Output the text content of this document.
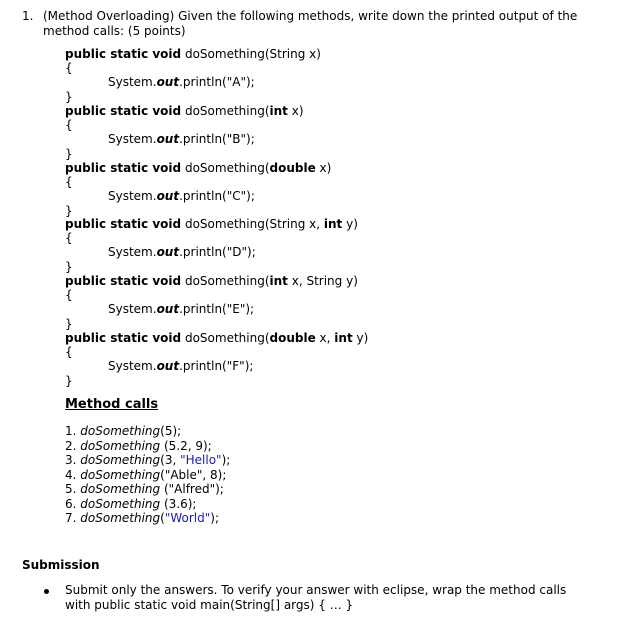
1. (Method Overloading) Given the following methods, write down the printed output of the
method calls: (5 points)
public static void doSomething(String x)
{
System.out.println("A");
}
public static void doSomething(int x)
{
System.out.println("B");
}
public static void doSomething(double x)
{
System.out.println("C");
}
public static void doSomething(String x, int y)
{
System.out.println("D");
}
public static void doSomething(int x, String y)
{
System.out.println("E");
}
public static void doSomething(double x, int y)
{
System.out.println("F");
}
Method calls
1. doSomething(5);
2. doSomething (5.2, 9);
3. doSomething(3, "Hello");
4. doSomething("Able", 8);
5. doSomething ("Alfred");
6. doSomething (3.6);
7. doSomething("World");
Submission
Submit only the answers. To verify your answer with eclipse, wrap the method calls
with public static void main(String[] args) { … }
